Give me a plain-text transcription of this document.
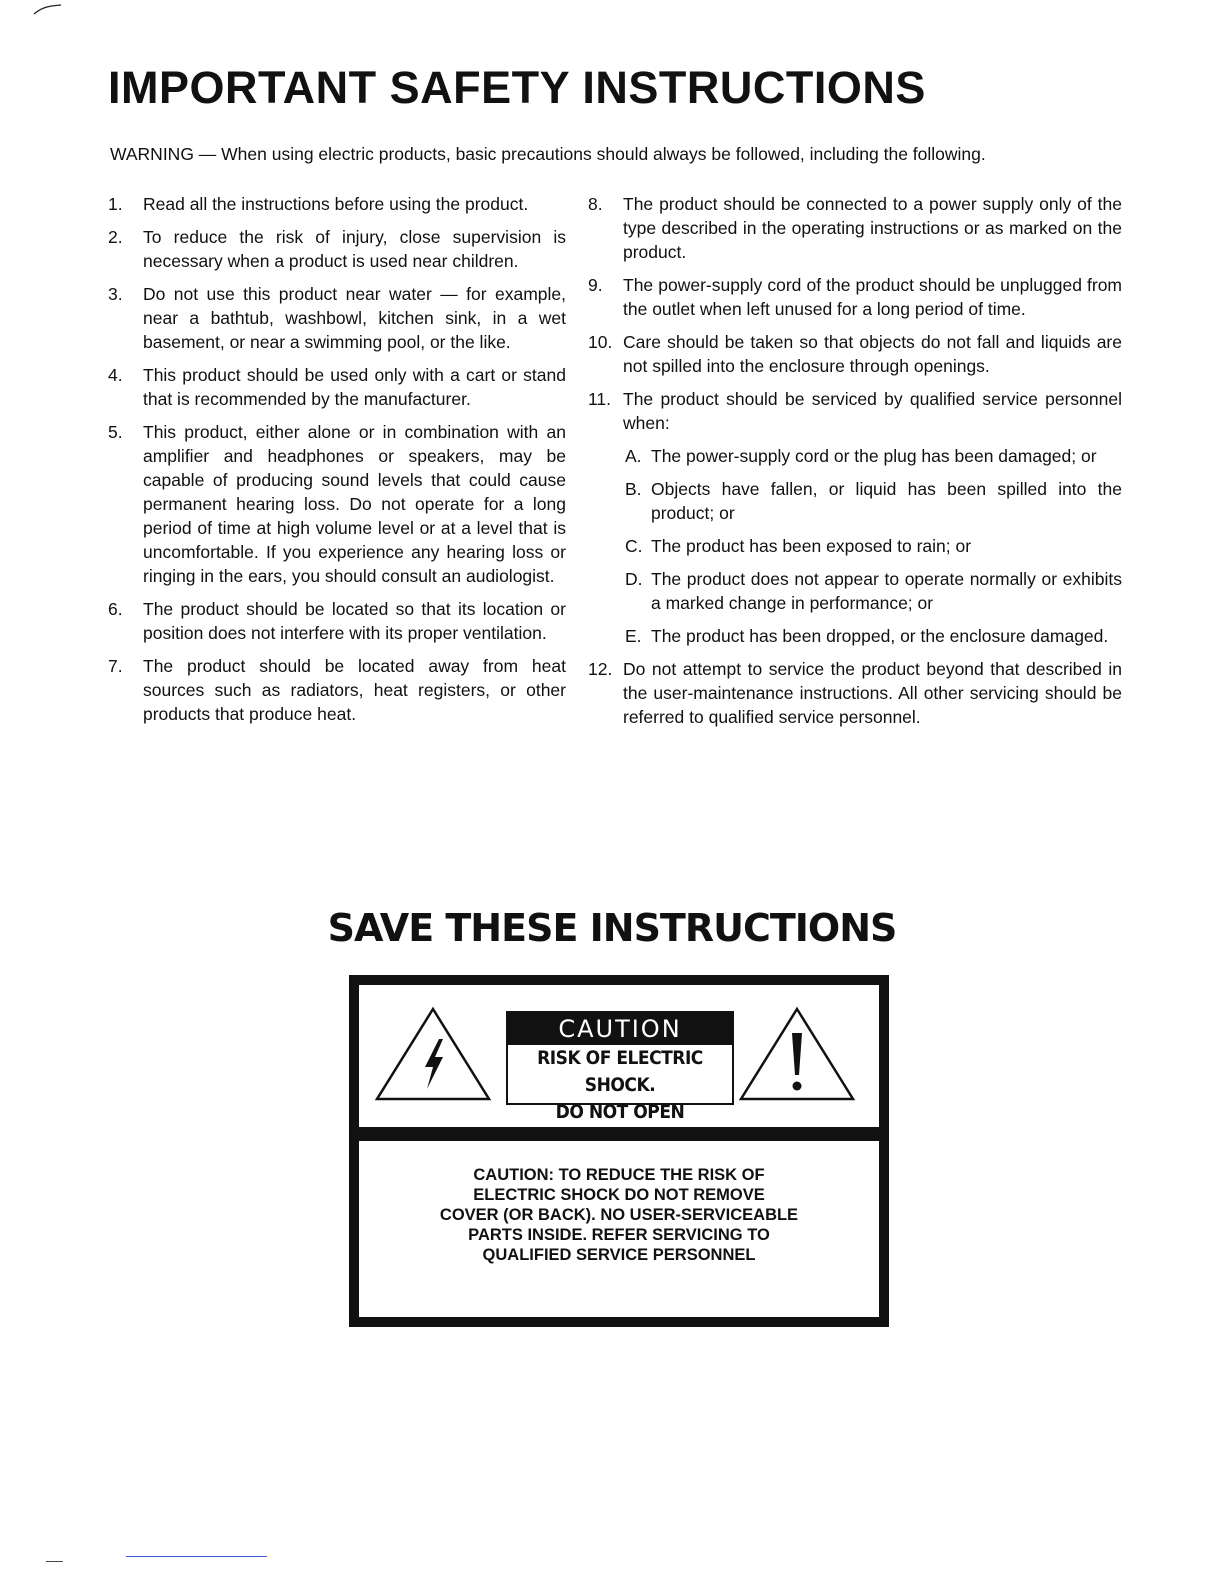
IMPORTANT SAFETY INSTRUCTIONS
WARNING — When using electric products, basic precautions should always be followed, including the following.
1.	Read all the instructions before using the product.
2.	To reduce the risk of injury, close supervision is necessary when a product is used near children.
3.	Do not use this product near water — for example, near a bathtub, washbowl, kitchen sink, in a wet basement, or near a swimming pool, or the like.
4.	This product should be used only with a cart or stand that is recommended by the manufacturer.
5.	This product, either alone or in combination with an amplifier and headphones or speakers, may be capable of producing sound levels that could cause permanent hearing loss. Do not operate for a long period of time at high volume level or at a level that is uncomfortable. If you experience any hearing loss or ringing in the ears, you should consult an audiologist.
6.	The product should be located so that its location or position does not interfere with its proper ventilation.
7.	The product should be located away from heat sources such as radiators, heat registers, or other products that produce heat.
8.	The product should be connected to a power supply only of the type described in the operating instructions or as marked on the product.
9.	The power-supply cord of the product should be unplugged from the outlet when left unused for a long period of time.
10. Care should be taken so that objects do not fall and liquids are not spilled into the enclosure through openings.
11. The product should be serviced by qualified service personnel when:
A. The power-supply cord or the plug has been damaged; or
B. Objects have fallen, or liquid has been spilled into the product; or
C. The product has been exposed to rain; or
D. The product does not appear to operate normally or exhibits a marked change in performance; or
E. The product has been dropped, or the enclosure damaged.
12. Do not attempt to service the product beyond that described in the user-maintenance instructions. All other servicing should be referred to qualified service personnel.
SAVE THESE INSTRUCTIONS
CAUTION
RISK OF ELECTRIC SHOCK.
DO NOT OPEN

CAUTION: TO REDUCE THE RISK OF
ELECTRIC SHOCK DO NOT REMOVE
COVER (OR BACK). NO USER-SERVICEABLE
PARTS INSIDE. REFER SERVICING TO
QUALIFIED SERVICE PERSONNEL
